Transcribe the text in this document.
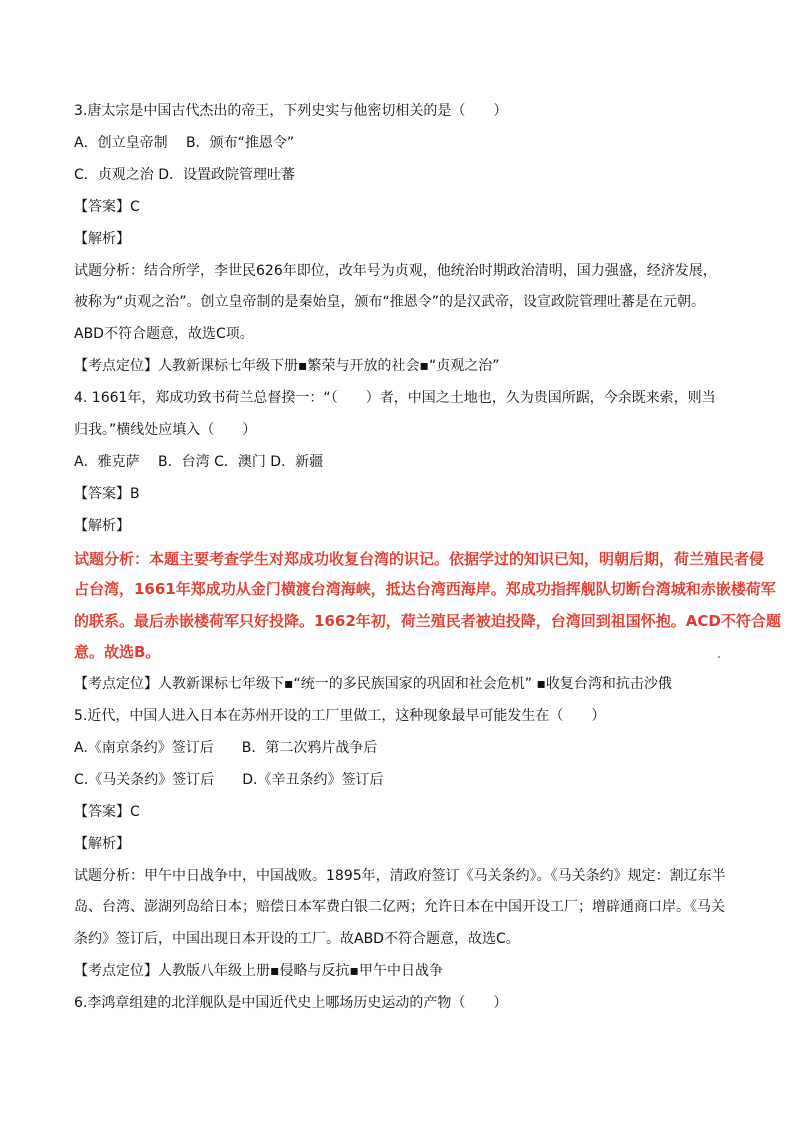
3.唐太宗是中国古代杰出的帝王，下列史实与他密切相关的是（　　）
A．创立皇帝制　 B．颁布“推恩令”
C．贞观之治 D．设置政院管理吐蕃
【答案】C
【解析】
试题分析：结合所学，李世民626年即位，改年号为贞观，他统治时期政治清明，国力强盛，经济发展，
被称为“贞观之治”。创立皇帝制的是秦始皇，颁布“推恩令”的是汉武帝，设宣政院管理吐蕃是在元朝。
ABD不符合题意，故选C项。
【考点定位】人教新课标七年级下册▪繁荣与开放的社会▪“贞观之治”
4. 1661年，郑成功致书荷兰总督揆一：“（　　）者，中国之土地也，久为贵国所踞，今余既来索，则当
归我。”横线处应填入（　　）
A．雅克萨　 B．台湾 C．澳门 D．新疆
【答案】B
【解析】
试题分析：本题主要考查学生对郑成功收复台湾的识记。依据学过的知识已知，明朝后期，荷兰殖民者侵
占台湾，1661年郑成功从金门横渡台湾海峡，抵达台湾西海岸。郑成功指挥舰队切断台湾城和赤嵌楼荷军
的联系。最后赤嵌楼荷军只好投降。1662年初，荷兰殖民者被迫投降，台湾回到祖国怀抱。ACD不符合题
意。故选B。
【考点定位】人教新课标七年级下▪“统一的多民族国家的巩固和社会危机” ▪收复台湾和抗击沙俄
5.近代，中国人进入日本在苏州开设的工厂里做工，这种现象最早可能发生在（　　）
A.《南京条约》签订后　　B．第二次鸦片战争后
C.《马关条约》签订后　　D.《辛丑条约》签订后
【答案】C
【解析】
试题分析：甲午中日战争中，中国战败。1895年，清政府签订《马关条约》。《马关条约》规定：割辽东半
岛、台湾、澎湖列岛给日本；赔偿日本军费白银二亿两；允许日本在中国开设工厂；增辟通商口岸。《马关
条约》签订后，中国出现日本开设的工厂。故ABD不符合题意，故选C。
【考点定位】人教版八年级上册▪侵略与反抗▪甲午中日战争
6.李鸿章组建的北洋舰队是中国近代史上哪场历史运动的产物（　　）
